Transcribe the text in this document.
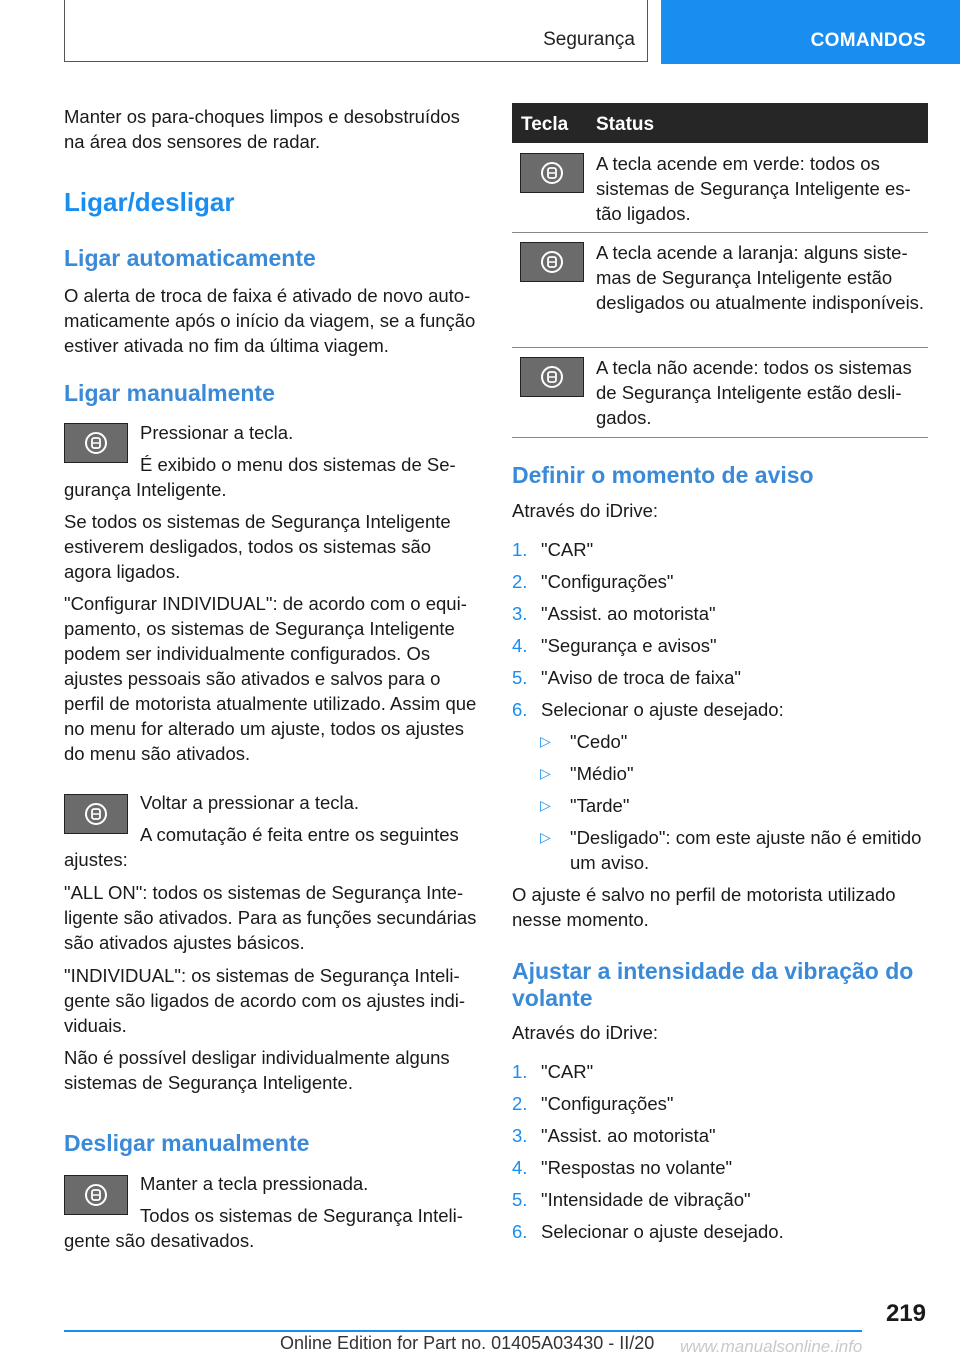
Segurança	COMANDOS

Manter os para-choques limpos e desobstruídos na área dos sensores de radar.

Ligar/desligar
Ligar automaticamente

O alerta de troca de faixa é ativado de novo automaticamente após o início da viagem, se a função estiver ativada no fim da última viagem.

Ligar manualmente

Pressionar a tecla.

É exibido o menu dos sistemas de Se-

gurança Inteligente.

Se todos os sistemas de Segurança Inteligente estiverem desligados, todos os sistemas são agora ligados.

"Configurar INDIVIDUAL": de acordo com o equipamento, os sistemas de Segurança Inteligente podem ser individualmente configurados. Os ajustes pessoais são ativados e salvos para o perfil de motorista atualmente utilizado. Assim que no menu for alterado um ajuste, todos os ajustes do menu são ativados.

Voltar a pressionar a tecla.

A comutação é feita entre os seguintes

ajustes:

"ALL ON": todos os sistemas de Segurança Inteligente são ativados. Para as funções secundárias são ativados ajustes básicos.

"INDIVIDUAL": os sistemas de Segurança Inteligente são ligados de acordo com os ajustes individuais.

Não é possível desligar individualmente alguns sistemas de Segurança Inteligente.

Desligar manualmente

Manter a tecla pressionada.

Todos os sistemas de Segurança Inteli-

gente são desativados.

Tecla Status
A tecla acende em verde: todos os sistemas de Segurança Inteligente estão ligados.
A tecla acende a laranja: alguns sistemas de Segurança Inteligente estão desligados ou atualmente indisponíveis.
A tecla não acende: todos os sistemas de Segurança Inteligente estão desligados.
Definir o momento de aviso

Através do iDrive:

1. "CAR"
2. "Configurações"
3. "Assist. ao motorista"
4. "Segurança e avisos"
5. "Aviso de troca de faixa"
6. Selecionar o ajuste desejado:
▷ "Cedo"
▷ "Médio"
▷ "Tarde"
▷ "Desligado": com este ajuste não é emitido um aviso.

O ajuste é salvo no perfil de motorista utilizado nesse momento.

Ajustar a intensidade da vibração do volante

Através do iDrive:

1. "CAR"
2. "Configurações"
3. "Assist. ao motorista"
4. "Respostas no volante"
5. "Intensidade de vibração"
6. Selecionar o ajuste desejado.
219
Online Edition for Part no. 01405A03430 - II/20 www.manualsonline.info
